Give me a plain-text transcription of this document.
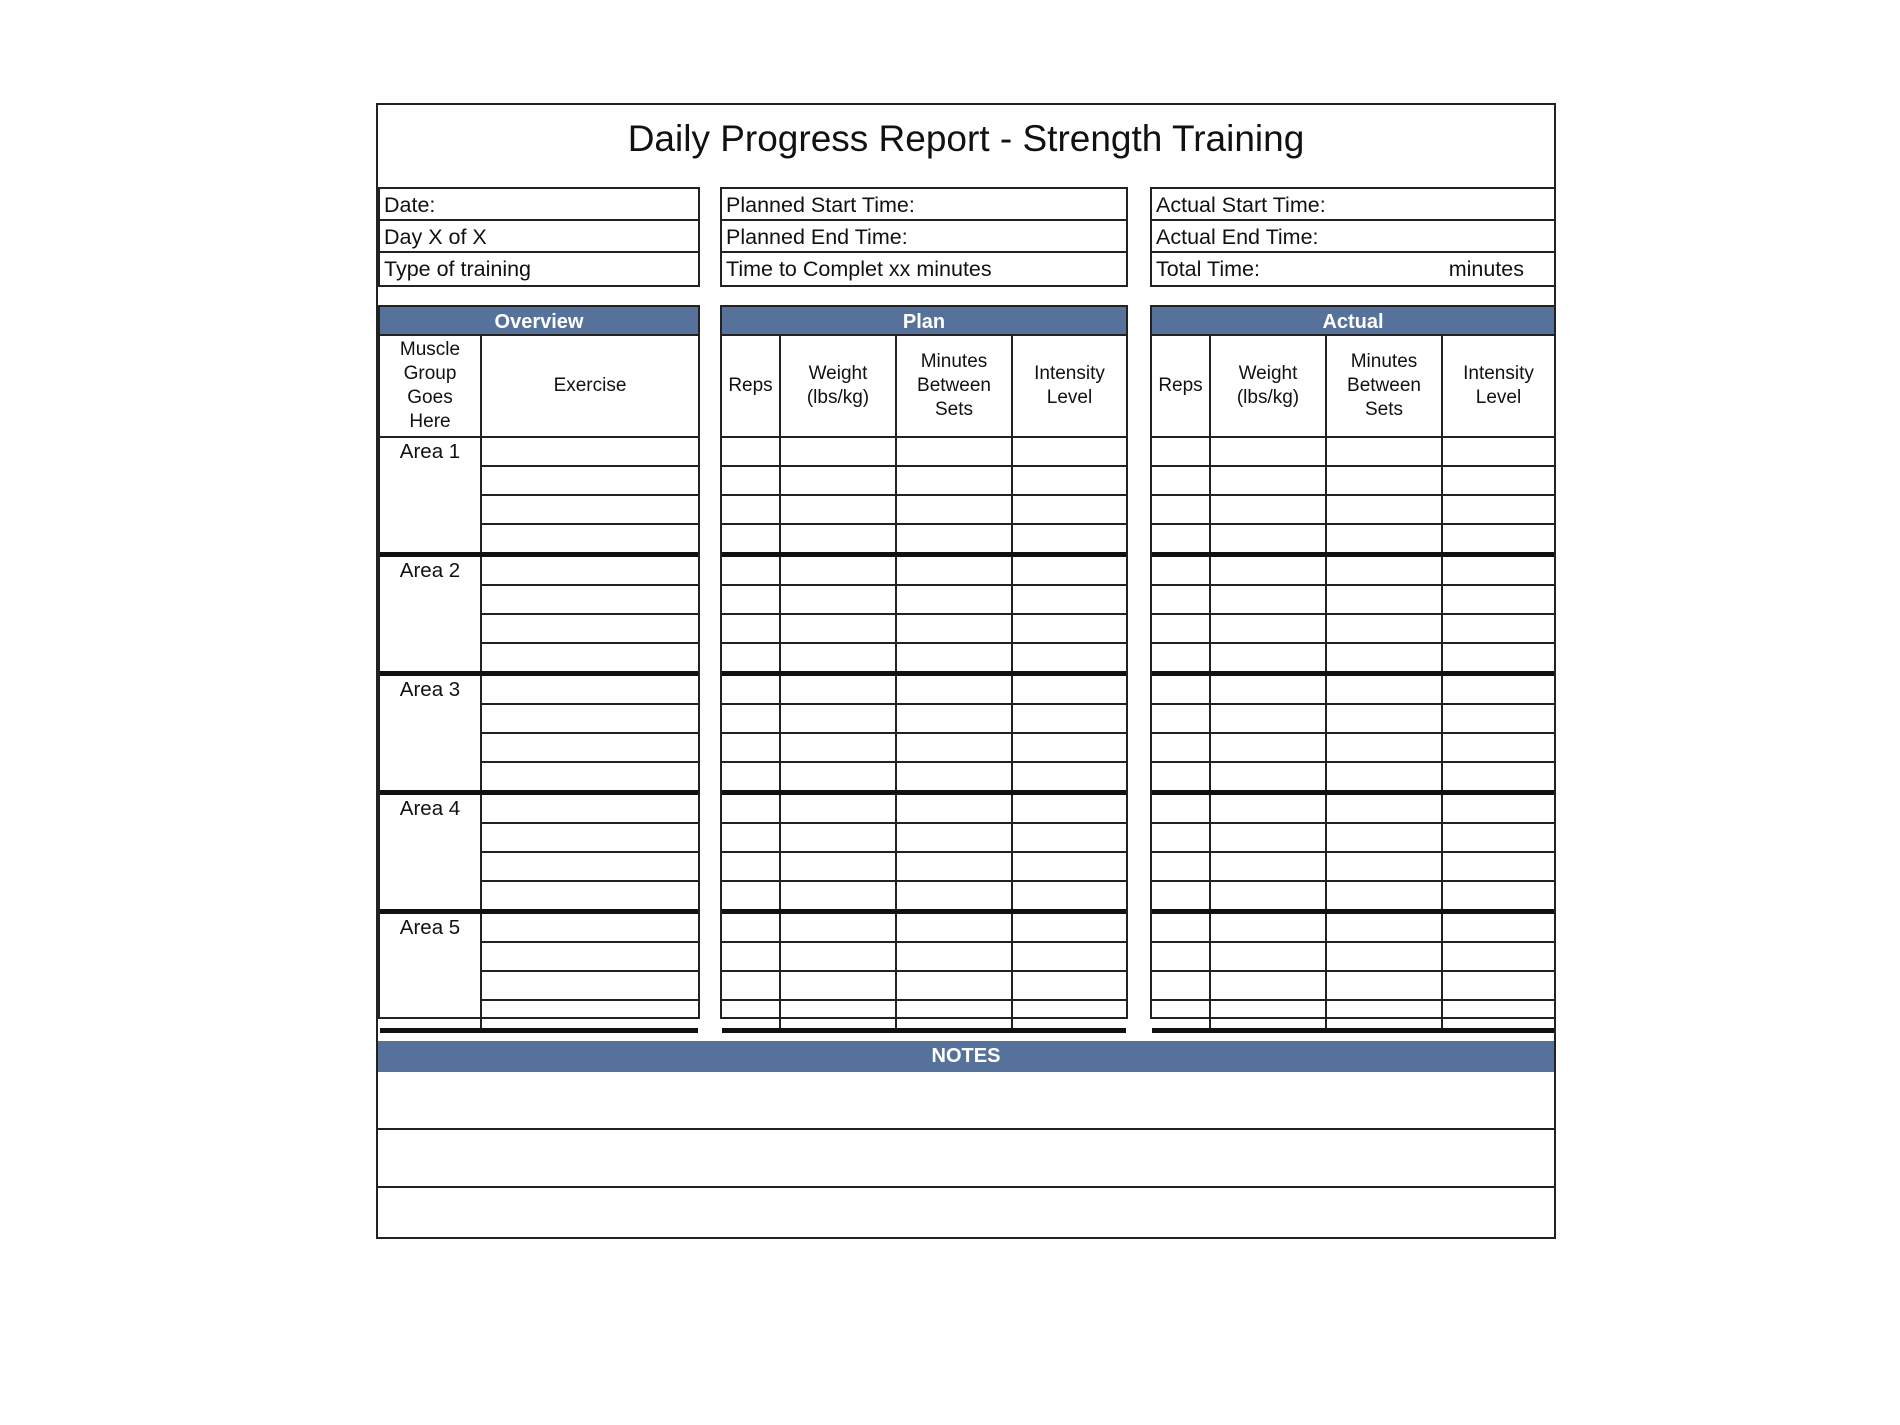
Daily Progress Report - Strength Training
Date:
Day X of X
Type of training
Planned Start Time:
Planned End Time:
Time to Complet xx minutes
Actual Start Time:
Actual End Time:
Total Time:	minutes
Overview
Muscle Group Goes Here	Exercise
Area 1	

Area 2	

Area 3	

Area 4	

Area 5	

Plan
Reps	Weight (lbs/kg)	Minutes Between Sets	Intensity Level

Actual
Reps	Weight (lbs/kg)	Minutes Between Sets	Intensity Level

NOTES
